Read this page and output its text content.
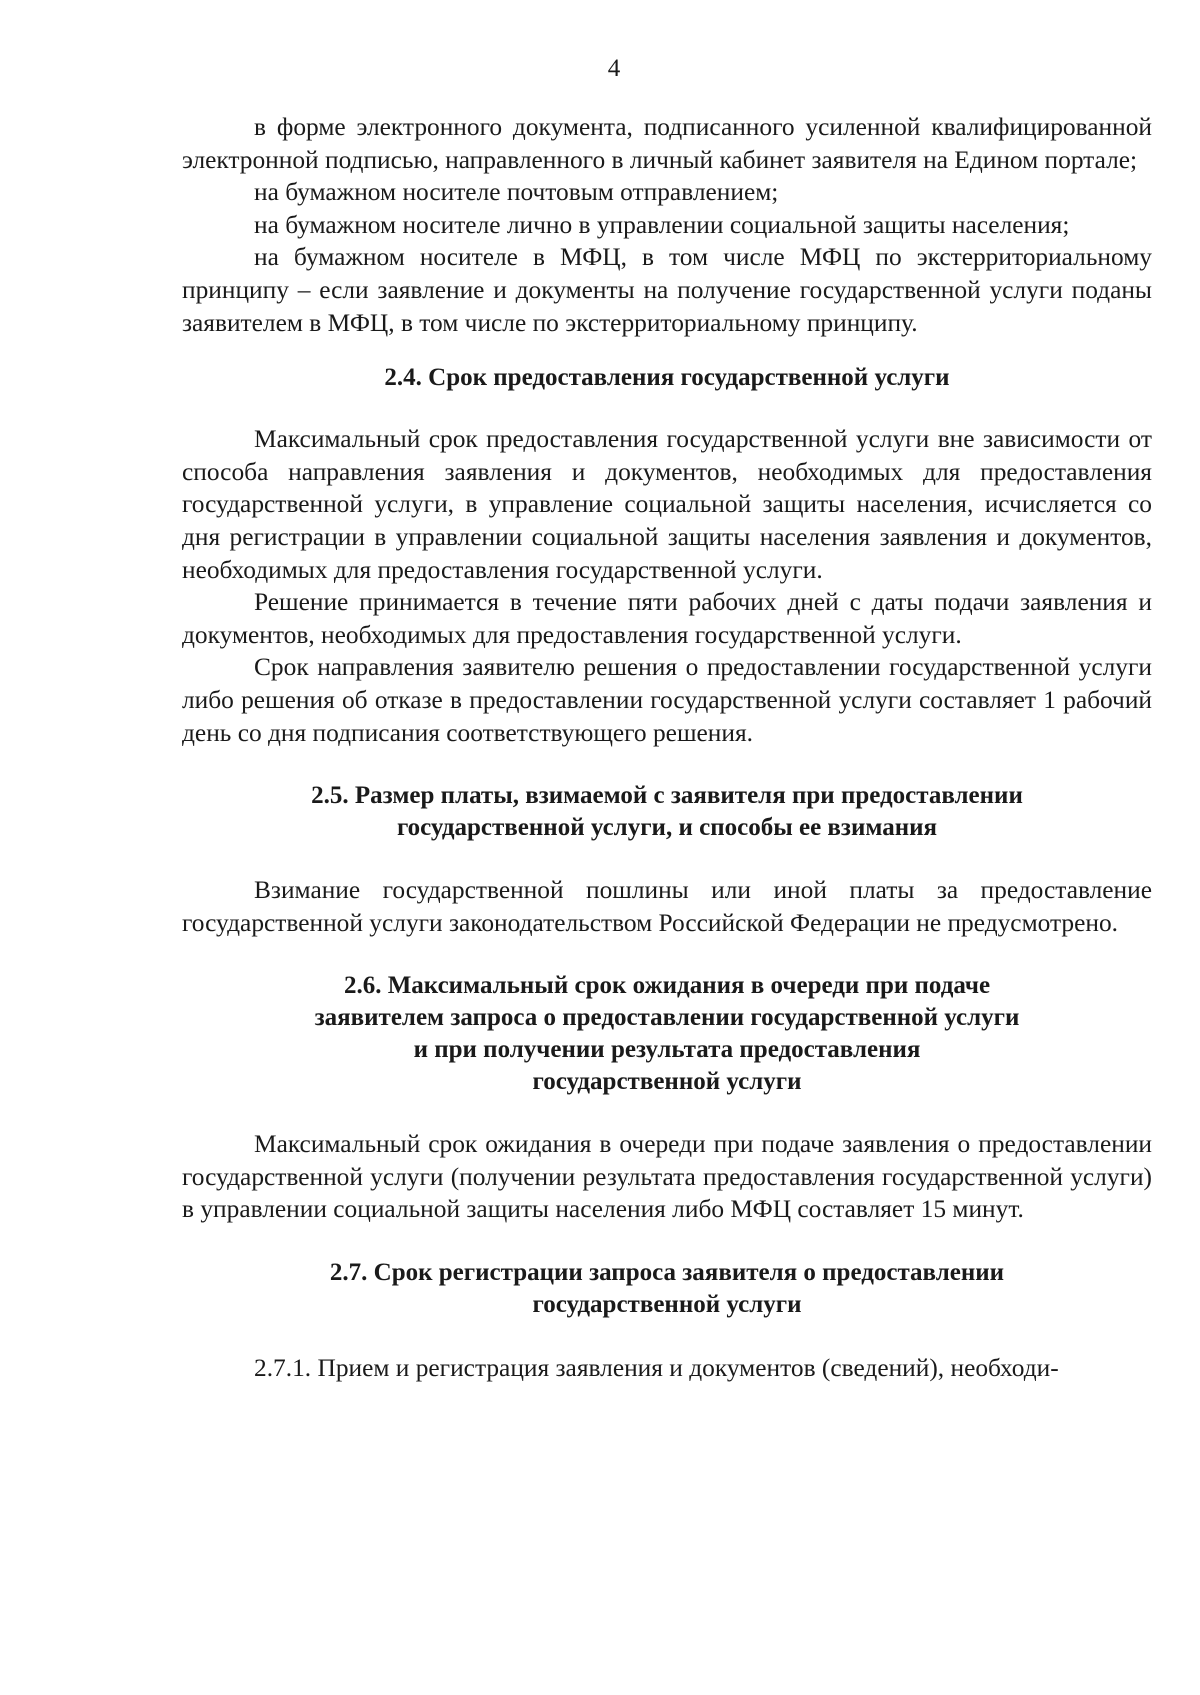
4

в форме электронного документа, подписанного усиленной квалифицированной электронной подписью, направленного в личный кабинет заявителя на Едином портале;

на бумажном носителе почтовым отправлением;

на бумажном носителе лично в управлении социальной защиты населения;

на бумажном носителе в МФЦ, в том числе МФЦ по экстерриториальному принципу – если заявление и документы на получение государственной услуги поданы заявителем в МФЦ, в том числе по экстерриториальному принципу.

2.4. Срок предоставления государственной услуги

Максимальный срок предоставления государственной услуги вне зависимости от способа направления заявления и документов, необходимых для предоставления государственной услуги, в управление социальной защиты населения, исчисляется со дня регистрации в управлении социальной защиты населения заявления и документов, необходимых для предоставления государственной услуги.

Решение принимается в течение пяти рабочих дней с даты подачи заявления и документов, необходимых для предоставления государственной услуги.

Срок направления заявителю решения о предоставлении государственной услуги либо решения об отказе в предоставлении государственной услуги составляет 1 рабочий день со дня подписания соответствующего решения.

2.5. Размер платы, взимаемой с заявителя при предоставлении
государственной услуги, и способы ее взимания

Взимание государственной пошлины или иной платы за предоставление государственной услуги законодательством Российской Федерации не предусмотрено.

2.6. Максимальный срок ожидания в очереди при подаче
заявителем запроса о предоставлении государственной услуги
и при получении результата предоставления
государственной услуги

Максимальный срок ожидания в очереди при подаче заявления о предоставлении государственной услуги (получении результата предоставления государственной услуги) в управлении социальной защиты населения либо МФЦ составляет 15 минут.

2.7. Срок регистрации запроса заявителя о предоставлении
государственной услуги

2.7.1. Прием и регистрация заявления и документов (сведений), необходи-
